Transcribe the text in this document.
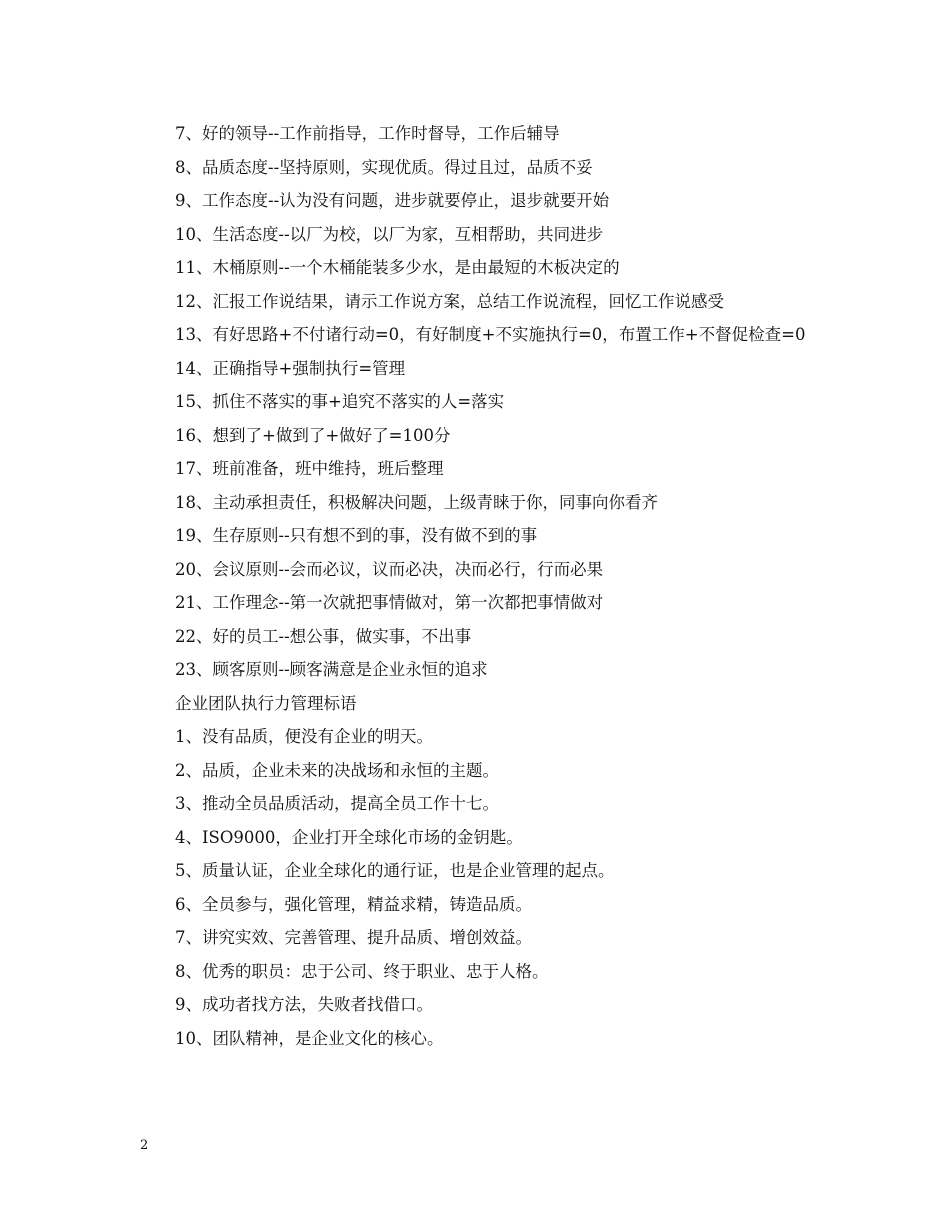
7、好的领导--工作前指导，工作时督导，工作后辅导
8、品质态度--坚持原则，实现优质。得过且过，品质不妥
9、工作态度--认为没有问题，进步就要停止，退步就要开始
10、生活态度--以厂为校，以厂为家，互相帮助，共同进步
11、木桶原则--一个木桶能装多少水，是由最短的木板决定的
12、汇报工作说结果，请示工作说方案，总结工作说流程，回忆工作说感受
13、有好思路+不付诸行动=0，有好制度+不实施执行=0，布置工作+不督促检查=0
14、正确指导+强制执行=管理
15、抓住不落实的事+追究不落实的人=落实
16、想到了+做到了+做好了=100分
17、班前准备，班中维持，班后整理
18、主动承担责任，积极解决问题，上级青睐于你，同事向你看齐
19、生存原则--只有想不到的事，没有做不到的事
20、会议原则--会而必议，议而必决，决而必行，行而必果
21、工作理念--第一次就把事情做对，第一次都把事情做对
22、好的员工--想公事，做实事，不出事
23、顾客原则--顾客满意是企业永恒的追求
企业团队执行力管理标语
1、没有品质，便没有企业的明天。
2、品质，企业未来的决战场和永恒的主题。
3、推动全员品质活动，提高全员工作十七。
4、ISO9000，企业打开全球化市场的金钥匙。
5、质量认证，企业全球化的通行证，也是企业管理的起点。
6、全员参与，强化管理，精益求精，铸造品质。
7、讲究实效、完善管理、提升品质、增创效益。
8、优秀的职员：忠于公司、终于职业、忠于人格。
9、成功者找方法，失败者找借口。
10、团队精神，是企业文化的核心。
2
